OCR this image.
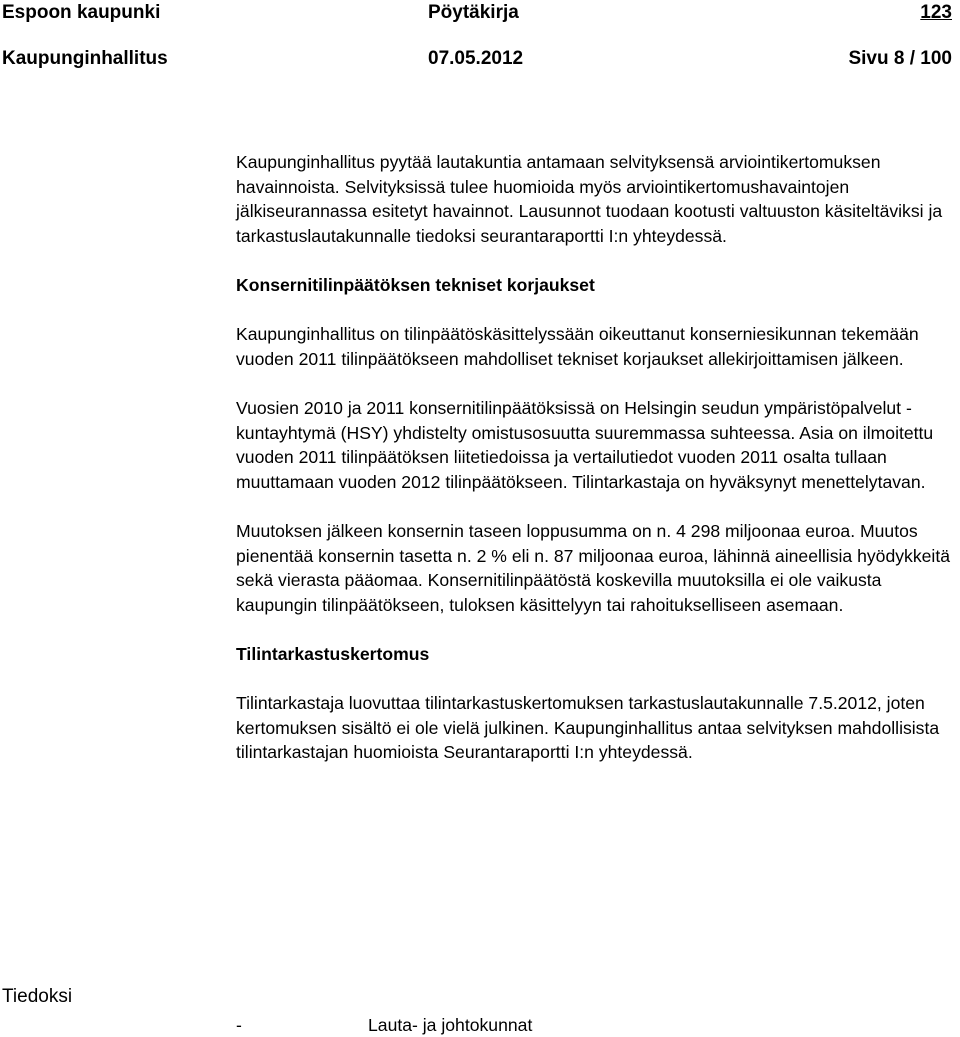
Espoon kaupunki	Pöytäkirja	123
Kaupunginhallitus	07.05.2012	Sivu 8 / 100

Kaupunginhallitus pyytää lautakuntia antamaan selvityksensä arviointikertomuksen havainnoista. Selvityksissä tulee huomioida myös arviointikertomushavaintojen jälkiseurannassa esitetyt havainnot. Lausunnot tuodaan kootusti valtuuston käsiteltäviksi ja tarkastuslautakunnalle tiedoksi seurantaraportti I:n yhteydessä.

Konsernitilinpäätöksen tekniset korjaukset

Kaupunginhallitus on tilinpäätöskäsittelyssään oikeuttanut konserniesikunnan tekemään vuoden 2011 tilinpäätökseen mahdolliset tekniset korjaukset allekirjoittamisen jälkeen.

Vuosien 2010 ja 2011 konsernitilinpäätöksissä on Helsingin seudun ympäristöpalvelut -kuntayhtymä (HSY) yhdistelty omistusosuutta suuremmassa suhteessa. Asia on ilmoitettu vuoden 2011 tilinpäätöksen liitetiedoissa ja vertailutiedot vuoden 2011 osalta tullaan muuttamaan vuoden 2012 tilinpäätökseen. Tilintarkastaja on hyväksynyt menettelytavan.

Muutoksen jälkeen konsernin taseen loppusumma on n. 4 298 miljoonaa euroa. Muutos pienentää konsernin tasetta n. 2 % eli n. 87 miljoonaa euroa, lähinnä aineellisia hyödykkeitä sekä vierasta pääomaa. Konsernitilinpäätöstä koskevilla muutoksilla ei ole vaikusta kaupungin tilinpäätökseen, tuloksen käsittelyyn tai rahoitukselliseen asemaan.

Tilintarkastuskertomus

Tilintarkastaja luovuttaa tilintarkastuskertomuksen tarkastuslautakunnalle 7.5.2012, joten kertomuksen sisältö ei ole vielä julkinen. Kaupunginhallitus antaa selvityksen mahdollisista tilintarkastajan huomioista Seurantaraportti I:n yhteydessä.

Tiedoksi
-	Lauta- ja johtokunnat
